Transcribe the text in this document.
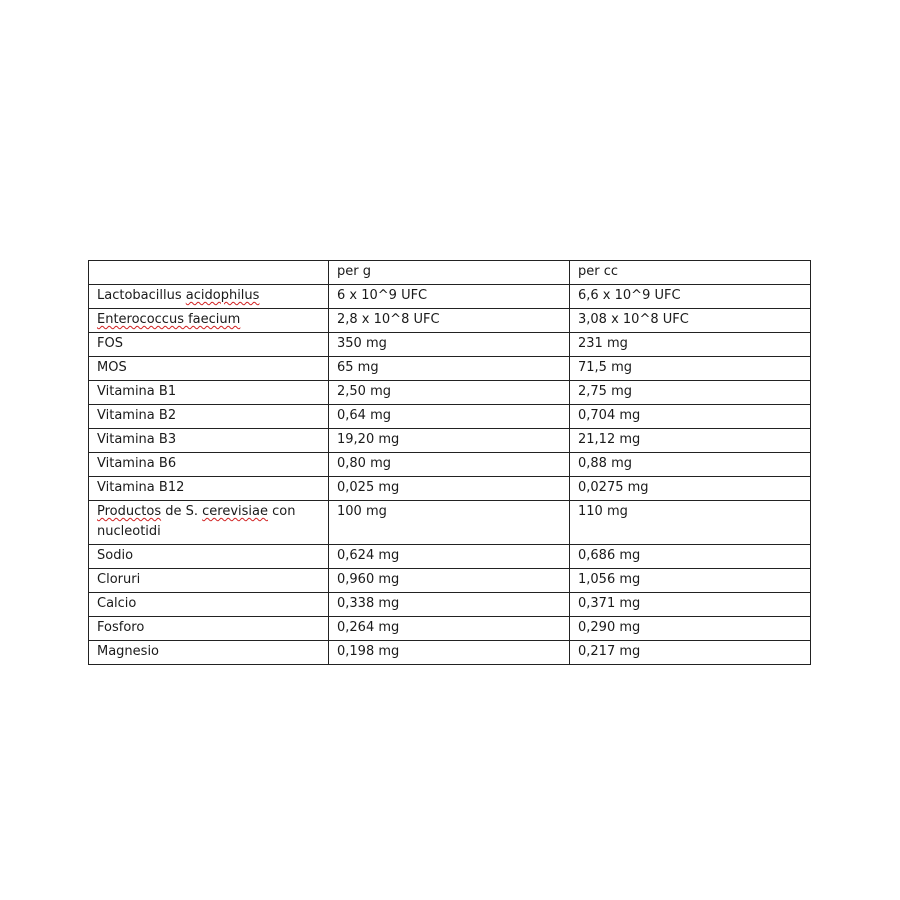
	per g	per cc
Lactobacillus acidophilus	6 x 10^9 UFC	6,6 x 10^9 UFC
Enterococcus faecium	2,8 x 10^8 UFC	3,08 x 10^8 UFC
FOS	350 mg	231 mg
MOS	65 mg	71,5 mg
Vitamina B1	2,50 mg	2,75 mg
Vitamina B2	0,64 mg	0,704 mg
Vitamina B3	19,20 mg	21,12 mg
Vitamina B6	0,80 mg	0,88 mg
Vitamina B12	0,025 mg	0,0275 mg
Productos de S. cerevisiae con nucleotidi	100 mg	110 mg
Sodio	0,624 mg	0,686 mg
Cloruri	0,960 mg	1,056 mg
Calcio	0,338 mg	0,371 mg
Fosforo	0,264 mg	0,290 mg
Magnesio	0,198 mg	0,217 mg
